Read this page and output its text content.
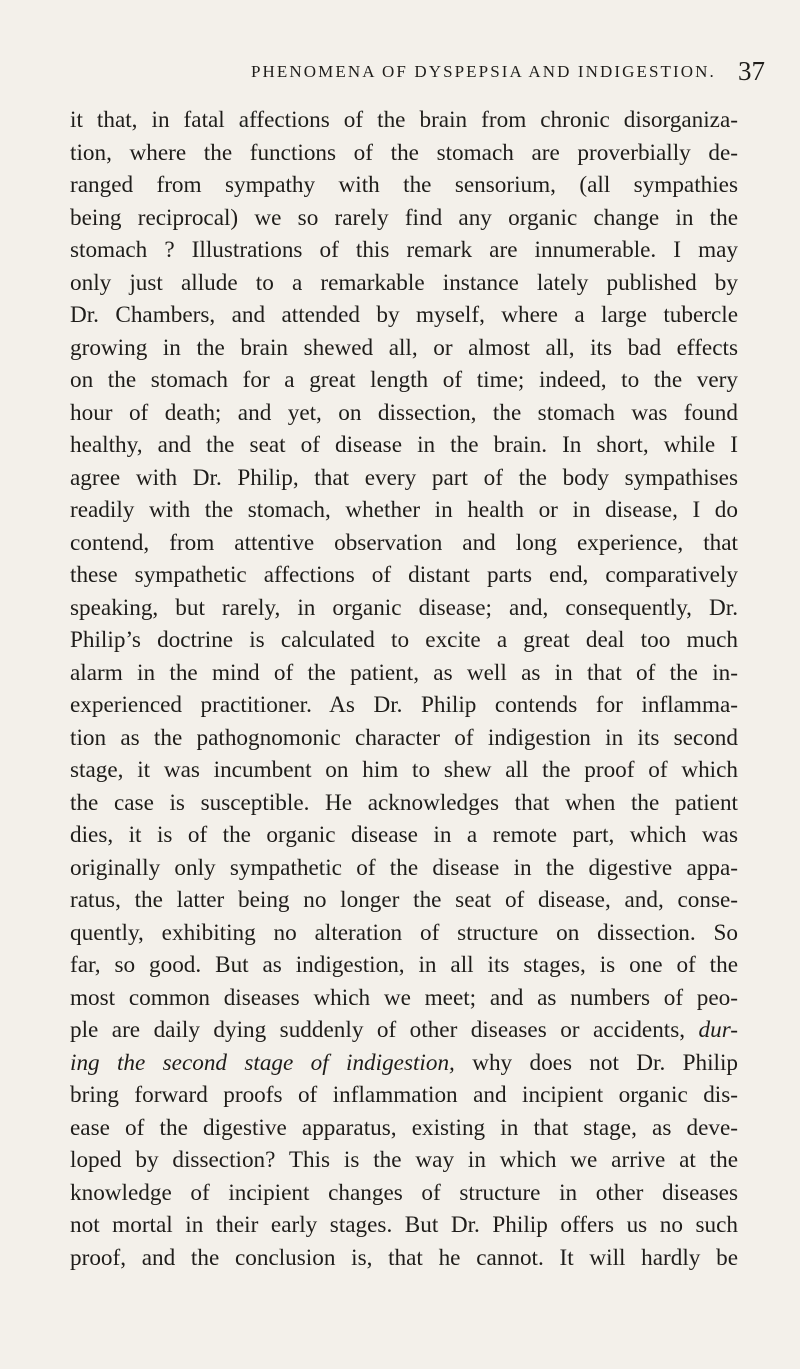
PHENOMENA OF DYSPEPSIA AND INDIGESTION. 37
it that, in fatal affections of the brain from chronic disorganiza-
tion, where the functions of the stomach are proverbially de-
ranged from sympathy with the sensorium, (all sympathies
being reciprocal) we so rarely find any organic change in the
stomach ? Illustrations of this remark are innumerable. I may
only just allude to a remarkable instance lately published by
Dr. Chambers, and attended by myself, where a large tubercle
growing in the brain shewed all, or almost all, its bad effects
on the stomach for a great length of time; indeed, to the very
hour of death; and yet, on dissection, the stomach was found
healthy, and the seat of disease in the brain. In short, while I
agree with Dr. Philip, that every part of the body sympathises
readily with the stomach, whether in health or in disease, I do
contend, from attentive observation and long experience, that
these sympathetic affections of distant parts end, comparatively
speaking, but rarely, in organic disease; and, consequently, Dr.
Philip’s doctrine is calculated to excite a great deal too much
alarm in the mind of the patient, as well as in that of the in-
experienced practitioner. As Dr. Philip contends for inflamma-
tion as the pathognomonic character of indigestion in its second
stage, it was incumbent on him to shew all the proof of which
the case is susceptible. He acknowledges that when the patient
dies, it is of the organic disease in a remote part, which was
originally only sympathetic of the disease in the digestive appa-
ratus, the latter being no longer the seat of disease, and, conse-
quently, exhibiting no alteration of structure on dissection. So
far, so good. But as indigestion, in all its stages, is one of the
most common diseases which we meet; and as numbers of peo-
ple are daily dying suddenly of other diseases or accidents, dur-
ing the second stage of indigestion, why does not Dr. Philip
bring forward proofs of inflammation and incipient organic dis-
ease of the digestive apparatus, existing in that stage, as deve-
loped by dissection? This is the way in which we arrive at the
knowledge of incipient changes of structure in other diseases
not mortal in their early stages. But Dr. Philip offers us no such
proof, and the conclusion is, that he cannot. It will hardly be
